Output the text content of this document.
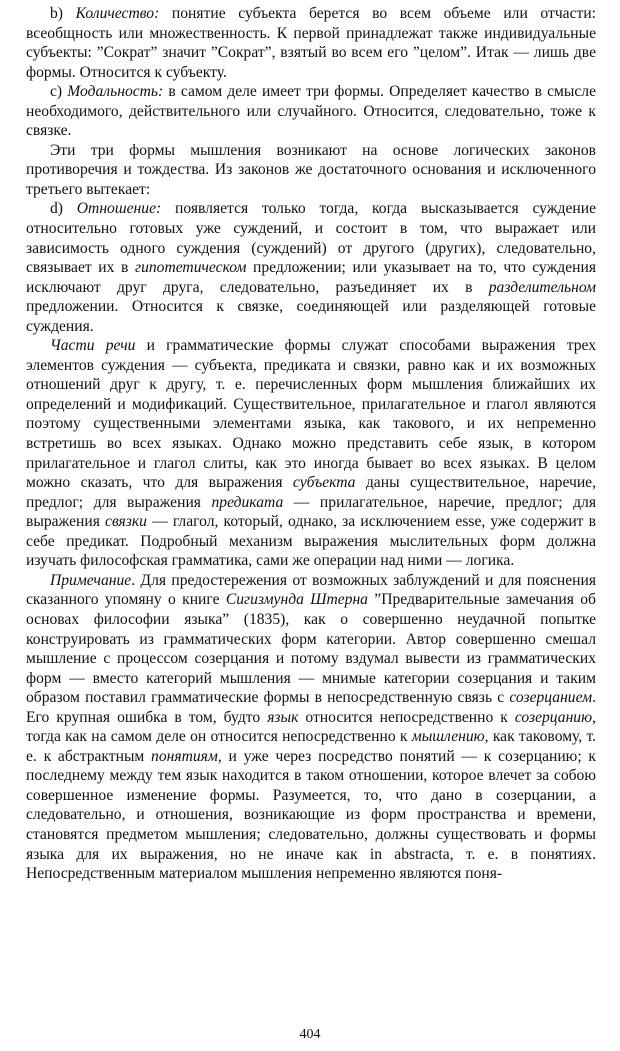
b) Количество: понятие субъекта берется во всем объеме или отчасти: всеобщность или множественность. К первой принадлежат также индивидуальные субъекты: ”Сократ” значит ”Сократ”, взятый во всем его ”целом”. Итак — лишь две формы. Относится к субъекту.

c) Модальность: в самом деле имеет три формы. Определяет качество в смысле необходимого, действительного или случайного. Относится, следовательно, тоже к связке.

Эти три формы мышления возникают на основе логических законов противоречия и тождества. Из законов же достаточного основания и исключенного третьего вытекает:

d) Отношение: появляется только тогда, когда высказывается суждение относительно готовых уже суждений, и состоит в том, что выражает или зависимость одного суждения (суждений) от другого (других), следовательно, связывает их в гипотетическом предложении; или указывает на то, что суждения исключают друг друга, следовательно, разъединяет их в разделительном предложении. Относится к связке, соединяющей или разделяющей готовые суждения.

Части речи и грамматические формы служат способами выражения трех элементов суждения — субъекта, предиката и связки, равно как и их возможных отношений друг к другу, т. е. перечисленных форм мышления ближайших их определений и модификаций. Существительное, прилагательное и глагол являются поэтому существенными элементами языка, как такового, и их непременно встретишь во всех языках. Однако можно представить себе язык, в котором прилагательное и глагол слиты, как это иногда бывает во всех языках. В целом можно сказать, что для выражения субъекта даны существительное, наречие, предлог; для выражения предиката — прилагательное, наречие, предлог; для выражения связки — глагол, который, однако, за исключением esse, уже содержит в себе предикат. Подробный механизм выражения мыслительных форм должна изучать философская грамматика, сами же операции над ними — логика.

Примечание. Для предостережения от возможных заблуждений и для пояснения сказанного упомяну о книге Сигизмунда Штерна ”Предварительные замечания об основах философии языка” (1835), как о совершенно неудачной попытке конструировать из грамматических форм категории. Автор совершенно смешал мышление с процессом созерцания и потому вздумал вывести из грамматических форм — вместо категорий мышления — мнимые категории созерцания и таким образом поставил грамматические формы в непосредственную связь с созерцанием. Его крупная ошибка в том, будто язык относится непосредственно к созерцанию, тогда как на самом деле он относится непосредственно к мышлению, как таковому, т. е. к абстрактным понятиям, и уже через посредство понятий — к созерцанию; к последнему между тем язык находится в таком отношении, которое влечет за собою совершенное изменение формы. Разумеется, то, что дано в созерцании, а следовательно, и отношения, возникающие из форм пространства и времени, становятся предметом мышления; следовательно, должны существовать и формы языка для их выражения, но не иначе как in abstracta, т. е. в понятиях. Непосредственным материалом мышления непременно являются поня-

404
